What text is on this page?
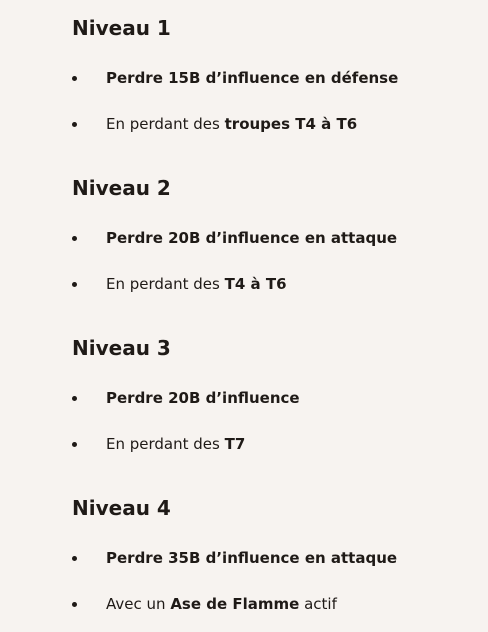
Niveau 1
Perdre 15B d’influence en défense
En perdant des troupes T4 à T6
Niveau 2
Perdre 20B d’influence en attaque
En perdant des T4 à T6
Niveau 3
Perdre 20B d’influence
En perdant des T7
Niveau 4
Perdre 35B d’influence en attaque
Avec un Ase de Flamme actif
